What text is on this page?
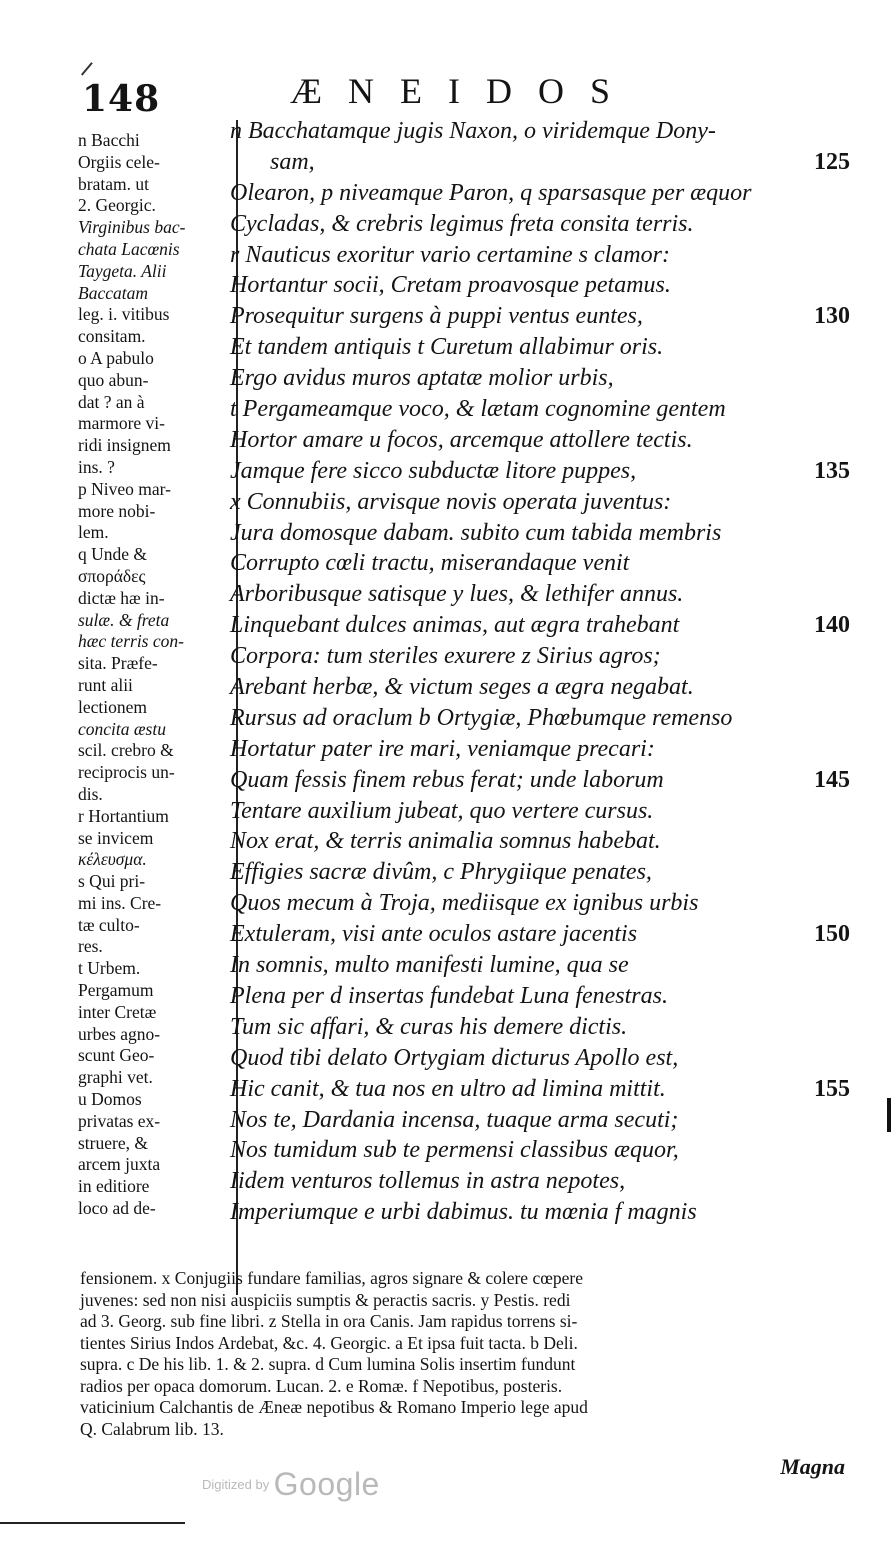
148	ÆNEIDOS
n Bacchi
Orgiis cele-
bratam. ut
2. Georgic.
Virginibus bac-
chata Lacœnis
Taygeta. Alii
Baccatam
leg. i. vitibus
consitam.
o A pabulo
quo abun-
dat ? an à
marmore vi-
ridi insignem
ins. ?
p Niveo mar-
more nobi-
lem.
q Unde &
σποράδες
dictæ hæ in-
sulæ. & freta
hæc terris con-
sita. Præfe-
runt alii
lectionem
concita æstu
scil. crebro &
reciprocis un-
dis.
r Hortantium
se invicem
κέλευσμα.
s Qui pri-
mi ins. Cre-
tæ culto-
res.
t Urbem.
Pergamum
inter Cretæ
urbes agno-
scunt Geo-
graphi vet.
u Domos
privatas ex-
struere, &
arcem juxta
in editiore
loco ad de-
n Bacchatamque jugis Naxon, o viridemque Dony-
sam,	125
Olearon, p niveamque Paron, q sparsasque per æquor
Cycladas, & crebris legimus freta consita terris.
r Nauticus exoritur vario certamine s clamor:
Hortantur socii, Cretam proavosque petamus.
Prosequitur surgens à puppi ventus euntes,	130
Et tandem antiquis t Curetum allabimur oris.
Ergo avidus muros aptatæ molior urbis,
t Pergameamque voco, & lætam cognomine gentem
Hortor amare u focos, arcemque attollere tectis.
Jamque fere sicco subductæ litore puppes,	135
x Connubiis, arvisque novis operata juventus:
Jura domosque dabam. subito cum tabida membris
Corrupto cœli tractu, miserandaque venit
Arboribusque satisque y lues, & lethifer annus.
Linquebant dulces animas, aut ægra trahebant	140
Corpora: tum steriles exurere z Sirius agros;
Arebant herbæ, & victum seges a ægra negabat.
Rursus ad oraclum b Ortygiæ, Phœbumque remenso
Hortatur pater ire mari, veniamque precari:
Quam fessis finem rebus ferat; unde laborum	145
Tentare auxilium jubeat, quo vertere cursus.
Nox erat, & terris animalia somnus habebat.
Effigies sacræ divûm, c Phrygiique penates,
Quos mecum à Troja, mediisque ex ignibus urbis
Extuleram, visi ante oculos astare jacentis	150
In somnis, multo manifesti lumine, qua se
Plena per d insertas fundebat Luna fenestras.
Tum sic affari, & curas his demere dictis.
Quod tibi delato Ortygiam dicturus Apollo est,
Hic canit, & tua nos en ultro ad limina mittit.	155
Nos te, Dardania incensa, tuaque arma secuti;
Nos tumidum sub te permensi classibus æquor,
Iidem venturos tollemus in astra nepotes,
Imperiumque e urbi dabimus. tu mœnia f magnis
fensionem. x Conjugiis fundare familias, agros signare & colere cœpere
juvenes: sed non nisi auspiciis sumptis & peractis sacris. y Pestis. redi
ad 3. Georg. sub fine libri. z Stella in ora Canis. Jam rapidus torrens si-
tientes Sirius Indos Ardebat, &c. 4. Georgic. a Et ipsa fuit tacta. b Deli.
supra. c De his lib. 1. & 2. supra. d Cum lumina Solis insertim fundunt
radios per opaca domorum. Lucan. 2. e Romæ. f Nepotibus, posteris.
vaticinium Calchantis de Æneæ nepotibus & Romano Imperio lege apud
Q. Calabrum lib. 13.
Magna
Digitized by Google
